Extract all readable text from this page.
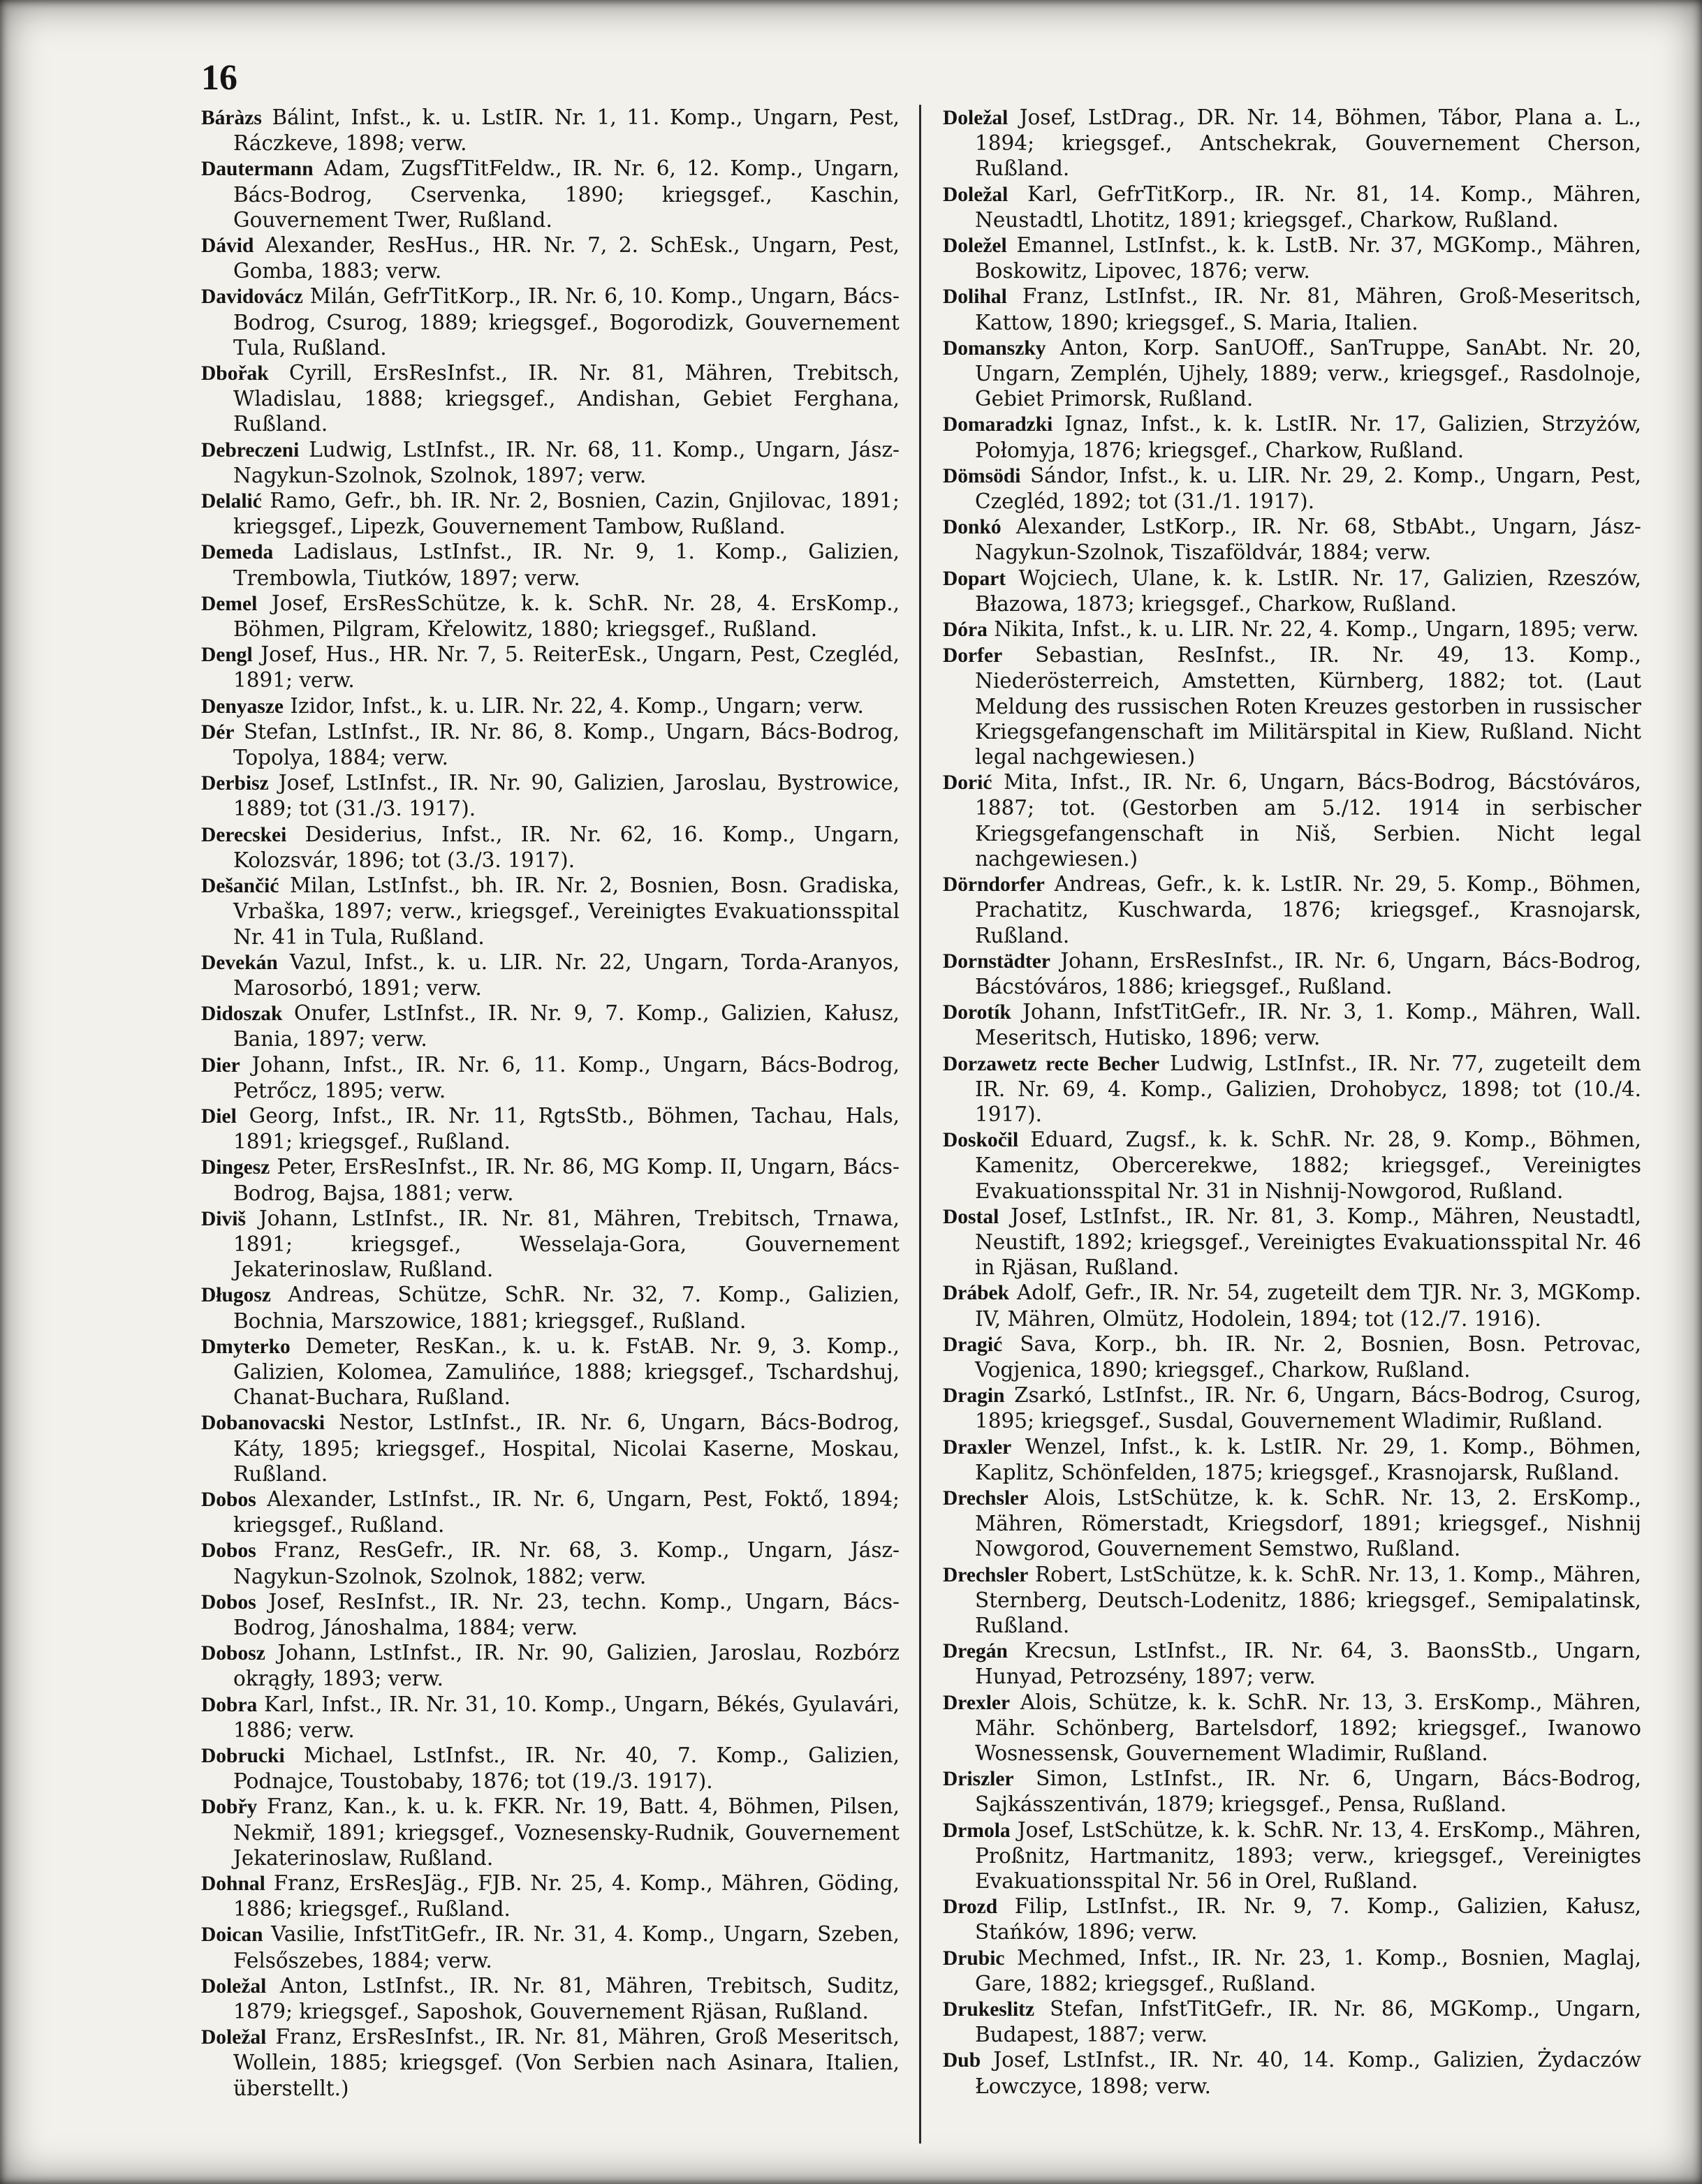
16
Báràzs Bálint, Infst., k. u. LstIR. Nr. 1, 11. Komp., Ungarn, Pest, Ráczkeve, 1898; verw.
Dautermann Adam, ZugsfTitFeldw., IR. Nr. 6, 12. Komp., Ungarn, Bács-Bodrog, Cservenka, 1890; kriegsgef., Kaschin, Gouvernement Twer, Rußland.
Dávid Alexander, ResHus., HR. Nr. 7, 2. SchEsk., Ungarn, Pest, Gomba, 1883; verw.
Davidovácz Milán, GefrTitKorp., IR. Nr. 6, 10. Komp., Ungarn, Bács-Bodrog, Csurog, 1889; kriegsgef., Bogorodizk, Gouvernement Tula, Rußland.
Dbořak Cyrill, ErsResInfst., IR. Nr. 81, Mähren, Trebitsch, Wladislau, 1888; kriegsgef., Andishan, Gebiet Ferghana, Rußland.
Debreczeni Ludwig, LstInfst., IR. Nr. 68, 11. Komp., Ungarn, Jász-Nagykun-Szolnok, Szolnok, 1897; verw.
Delalić Ramo, Gefr., bh. IR. Nr. 2, Bosnien, Cazin, Gnjilovac, 1891; kriegsgef., Lipezk, Gouvernement Tambow, Rußland.
Demeda Ladislaus, LstInfst., IR. Nr. 9, 1. Komp., Galizien, Trembowla, Tiutków, 1897; verw.
Demel Josef, ErsResSchütze, k. k. SchR. Nr. 28, 4. ErsKomp., Böhmen, Pilgram, Křelowitz, 1880; kriegsgef., Rußland.
Dengl Josef, Hus., HR. Nr. 7, 5. ReiterEsk., Ungarn, Pest, Czegléd, 1891; verw.
Denyasze Izidor, Infst., k. u. LIR. Nr. 22, 4. Komp., Ungarn; verw.
Dér Stefan, LstInfst., IR. Nr. 86, 8. Komp., Ungarn, Bács-Bodrog, Topolya, 1884; verw.
Derbisz Josef, LstInfst., IR. Nr. 90, Galizien, Jaroslau, Bystrowice, 1889; tot (31./3. 1917).
Derecskei Desiderius, Infst., IR. Nr. 62, 16. Komp., Ungarn, Kolozsvár, 1896; tot (3./3. 1917).
Dešančić Milan, LstInfst., bh. IR. Nr. 2, Bosnien, Bosn. Gradiska, Vrbaška, 1897; verw., kriegsgef., Vereinigtes Evakuationsspital Nr. 41 in Tula, Rußland.
Devekán Vazul, Infst., k. u. LIR. Nr. 22, Ungarn, Torda-Aranyos, Marosorbó, 1891; verw.
Didoszak Onufer, LstInfst., IR. Nr. 9, 7. Komp., Galizien, Kałusz, Bania, 1897; verw.
Dier Johann, Infst., IR. Nr. 6, 11. Komp., Ungarn, Bács-Bodrog, Petrőcz, 1895; verw.
Diel Georg, Infst., IR. Nr. 11, RgtsStb., Böhmen, Tachau, Hals, 1891; kriegsgef., Rußland.
Dingesz Peter, ErsResInfst., IR. Nr. 86, MG Komp. II, Ungarn, Bács-Bodrog, Bajsa, 1881; verw.
Diviš Johann, LstInfst., IR. Nr. 81, Mähren, Trebitsch, Trnawa, 1891; kriegsgef., Wesselaja-Gora, Gouvernement Jekaterinoslaw, Rußland.
Długosz Andreas, Schütze, SchR. Nr. 32, 7. Komp., Galizien, Bochnia, Marszowice, 1881; kriegsgef., Rußland.
Dmyterko Demeter, ResKan., k. u. k. FstAB. Nr. 9, 3. Komp., Galizien, Kolomea, Zamulińce, 1888; kriegsgef., Tschardshuj, Chanat-Buchara, Rußland.
Dobanovacski Nestor, LstInfst., IR. Nr. 6, Ungarn, Bács-Bodrog, Káty, 1895; kriegsgef., Hospital, Nicolai Kaserne, Moskau, Rußland.
Dobos Alexander, LstInfst., IR. Nr. 6, Ungarn, Pest, Foktő, 1894; kriegsgef., Rußland.
Dobos Franz, ResGefr., IR. Nr. 68, 3. Komp., Ungarn, Jász-Nagykun-Szolnok, Szolnok, 1882; verw.
Dobos Josef, ResInfst., IR. Nr. 23, techn. Komp., Ungarn, Bács-Bodrog, Jánoshalma, 1884; verw.
Dobosz Johann, LstInfst., IR. Nr. 90, Galizien, Jaroslau, Rozbórz okrągły, 1893; verw.
Dobra Karl, Infst., IR. Nr. 31, 10. Komp., Ungarn, Békés, Gyulavári, 1886; verw.
Dobrucki Michael, LstInfst., IR. Nr. 40, 7. Komp., Galizien, Podnajce, Toustobaby, 1876; tot (19./3. 1917).
Dobřy Franz, Kan., k. u. k. FKR. Nr. 19, Batt. 4, Böhmen, Pilsen, Nekmiř, 1891; kriegsgef., Voznesensky-Rudnik, Gouvernement Jekaterinoslaw, Rußland.
Dohnal Franz, ErsResJäg., FJB. Nr. 25, 4. Komp., Mähren, Göding, 1886; kriegsgef., Rußland.
Doican Vasilie, InfstTitGefr., IR. Nr. 31, 4. Komp., Ungarn, Szeben, Felsőszebes, 1884; verw.
Doležal Anton, LstInfst., IR. Nr. 81, Mähren, Trebitsch, Suditz, 1879; kriegsgef., Saposhok, Gouvernement Rjäsan, Rußland.
Doležal Franz, ErsResInfst., IR. Nr. 81, Mähren, Groß Meseritsch, Wollein, 1885; kriegsgef. (Von Serbien nach Asinara, Italien, überstellt.)
Doležal Josef, LstDrag., DR. Nr. 14, Böhmen, Tábor, Plana a. L., 1894; kriegsgef., Antschekrak, Gouvernement Cherson, Rußland.
Doležal Karl, GefrTitKorp., IR. Nr. 81, 14. Komp., Mähren, Neustadtl, Lhotitz, 1891; kriegsgef., Charkow, Rußland.
Doležel Emannel, LstInfst., k. k. LstB. Nr. 37, MGKomp., Mähren, Boskowitz, Lipovec, 1876; verw.
Dolihal Franz, LstInfst., IR. Nr. 81, Mähren, Groß-Meseritsch, Kattow, 1890; kriegsgef., S. Maria, Italien.
Domanszky Anton, Korp. SanUOff., SanTruppe, SanAbt. Nr. 20, Ungarn, Zemplén, Ujhely, 1889; verw., kriegsgef., Rasdolnoje, Gebiet Primorsk, Rußland.
Domaradzki Ignaz, Infst., k. k. LstIR. Nr. 17, Galizien, Strzyżów, Połomyja, 1876; kriegsgef., Charkow, Rußland.
Dömsödi Sándor, Infst., k. u. LIR. Nr. 29, 2. Komp., Ungarn, Pest, Czegléd, 1892; tot (31./1. 1917).
Donkó Alexander, LstKorp., IR. Nr. 68, StbAbt., Ungarn, Jász-Nagykun-Szolnok, Tiszaföldvár, 1884; verw.
Dopart Wojciech, Ulane, k. k. LstIR. Nr. 17, Galizien, Rzeszów, Błazowa, 1873; kriegsgef., Charkow, Rußland.
Dóra Nikita, Infst., k. u. LIR. Nr. 22, 4. Komp., Ungarn, 1895; verw.
Dorfer Sebastian, ResInfst., IR. Nr. 49, 13. Komp., Niederösterreich, Amstetten, Kürnberg, 1882; tot. (Laut Meldung des russischen Roten Kreuzes gestorben in russischer Kriegsgefangenschaft im Militärspital in Kiew, Rußland. Nicht legal nachgewiesen.)
Dorić Mita, Infst., IR. Nr. 6, Ungarn, Bács-Bodrog, Bácstóváros, 1887; tot. (Gestorben am 5./12. 1914 in serbischer Kriegsgefangenschaft in Niš, Serbien. Nicht legal nachgewiesen.)
Dörndorfer Andreas, Gefr., k. k. LstIR. Nr. 29, 5. Komp., Böhmen, Prachatitz, Kuschwarda, 1876; kriegsgef., Krasnojarsk, Rußland.
Dornstädter Johann, ErsResInfst., IR. Nr. 6, Ungarn, Bács-Bodrog, Bácstóváros, 1886; kriegsgef., Rußland.
Dorotík Johann, InfstTitGefr., IR. Nr. 3, 1. Komp., Mähren, Wall. Meseritsch, Hutisko, 1896; verw.
Dorzawetz recte Becher Ludwig, LstInfst., IR. Nr. 77, zugeteilt dem IR. Nr. 69, 4. Komp., Galizien, Drohobycz, 1898; tot (10./4. 1917).
Doskočil Eduard, Zugsf., k. k. SchR. Nr. 28, 9. Komp., Böhmen, Kamenitz, Obercerekwe, 1882; kriegsgef., Vereinigtes Evakuationsspital Nr. 31 in Nishnij-Nowgorod, Rußland.
Dostal Josef, LstInfst., IR. Nr. 81, 3. Komp., Mähren, Neustadtl, Neustift, 1892; kriegsgef., Vereinigtes Evakuationsspital Nr. 46 in Rjäsan, Rußland.
Drábek Adolf, Gefr., IR. Nr. 54, zugeteilt dem TJR. Nr. 3, MGKomp. IV, Mähren, Olmütz, Hodolein, 1894; tot (12./7. 1916).
Dragić Sava, Korp., bh. IR. Nr. 2, Bosnien, Bosn. Petrovac, Vogjenica, 1890; kriegsgef., Charkow, Rußland.
Dragin Zsarkó, LstInfst., IR. Nr. 6, Ungarn, Bács-Bodrog, Csurog, 1895; kriegsgef., Susdal, Gouvernement Wladimir, Rußland.
Draxler Wenzel, Infst., k. k. LstIR. Nr. 29, 1. Komp., Böhmen, Kaplitz, Schönfelden, 1875; kriegsgef., Krasnojarsk, Rußland.
Drechsler Alois, LstSchütze, k. k. SchR. Nr. 13, 2. ErsKomp., Mähren, Römerstadt, Kriegsdorf, 1891; kriegsgef., Nishnij Nowgorod, Gouvernement Semstwo, Rußland.
Drechsler Robert, LstSchütze, k. k. SchR. Nr. 13, 1. Komp., Mähren, Sternberg, Deutsch-Lodenitz, 1886; kriegsgef., Semipalatinsk, Rußland.
Dregán Krecsun, LstInfst., IR. Nr. 64, 3. BaonsStb., Ungarn, Hunyad, Petrozsény, 1897; verw.
Drexler Alois, Schütze, k. k. SchR. Nr. 13, 3. ErsKomp., Mähren, Mähr. Schönberg, Bartelsdorf, 1892; kriegsgef., Iwanowo Wosnessensk, Gouvernement Wladimir, Rußland.
Driszler Simon, LstInfst., IR. Nr. 6, Ungarn, Bács-Bodrog, Sajkásszentiván, 1879; kriegsgef., Pensa, Rußland.
Drmola Josef, LstSchütze, k. k. SchR. Nr. 13, 4. ErsKomp., Mähren, Proßnitz, Hartmanitz, 1893; verw., kriegsgef., Vereinigtes Evakuationsspital Nr. 56 in Orel, Rußland.
Drozd Filip, LstInfst., IR. Nr. 9, 7. Komp., Galizien, Kałusz, Stańków, 1896; verw.
Drubic Mechmed, Infst., IR. Nr. 23, 1. Komp., Bosnien, Maglaj, Gare, 1882; kriegsgef., Rußland.
Drukeslitz Stefan, InfstTitGefr., IR. Nr. 86, MGKomp., Ungarn, Budapest, 1887; verw.
Dub Josef, LstInfst., IR. Nr. 40, 14. Komp., Galizien, Żydaczów Łowczyce, 1898; verw.
